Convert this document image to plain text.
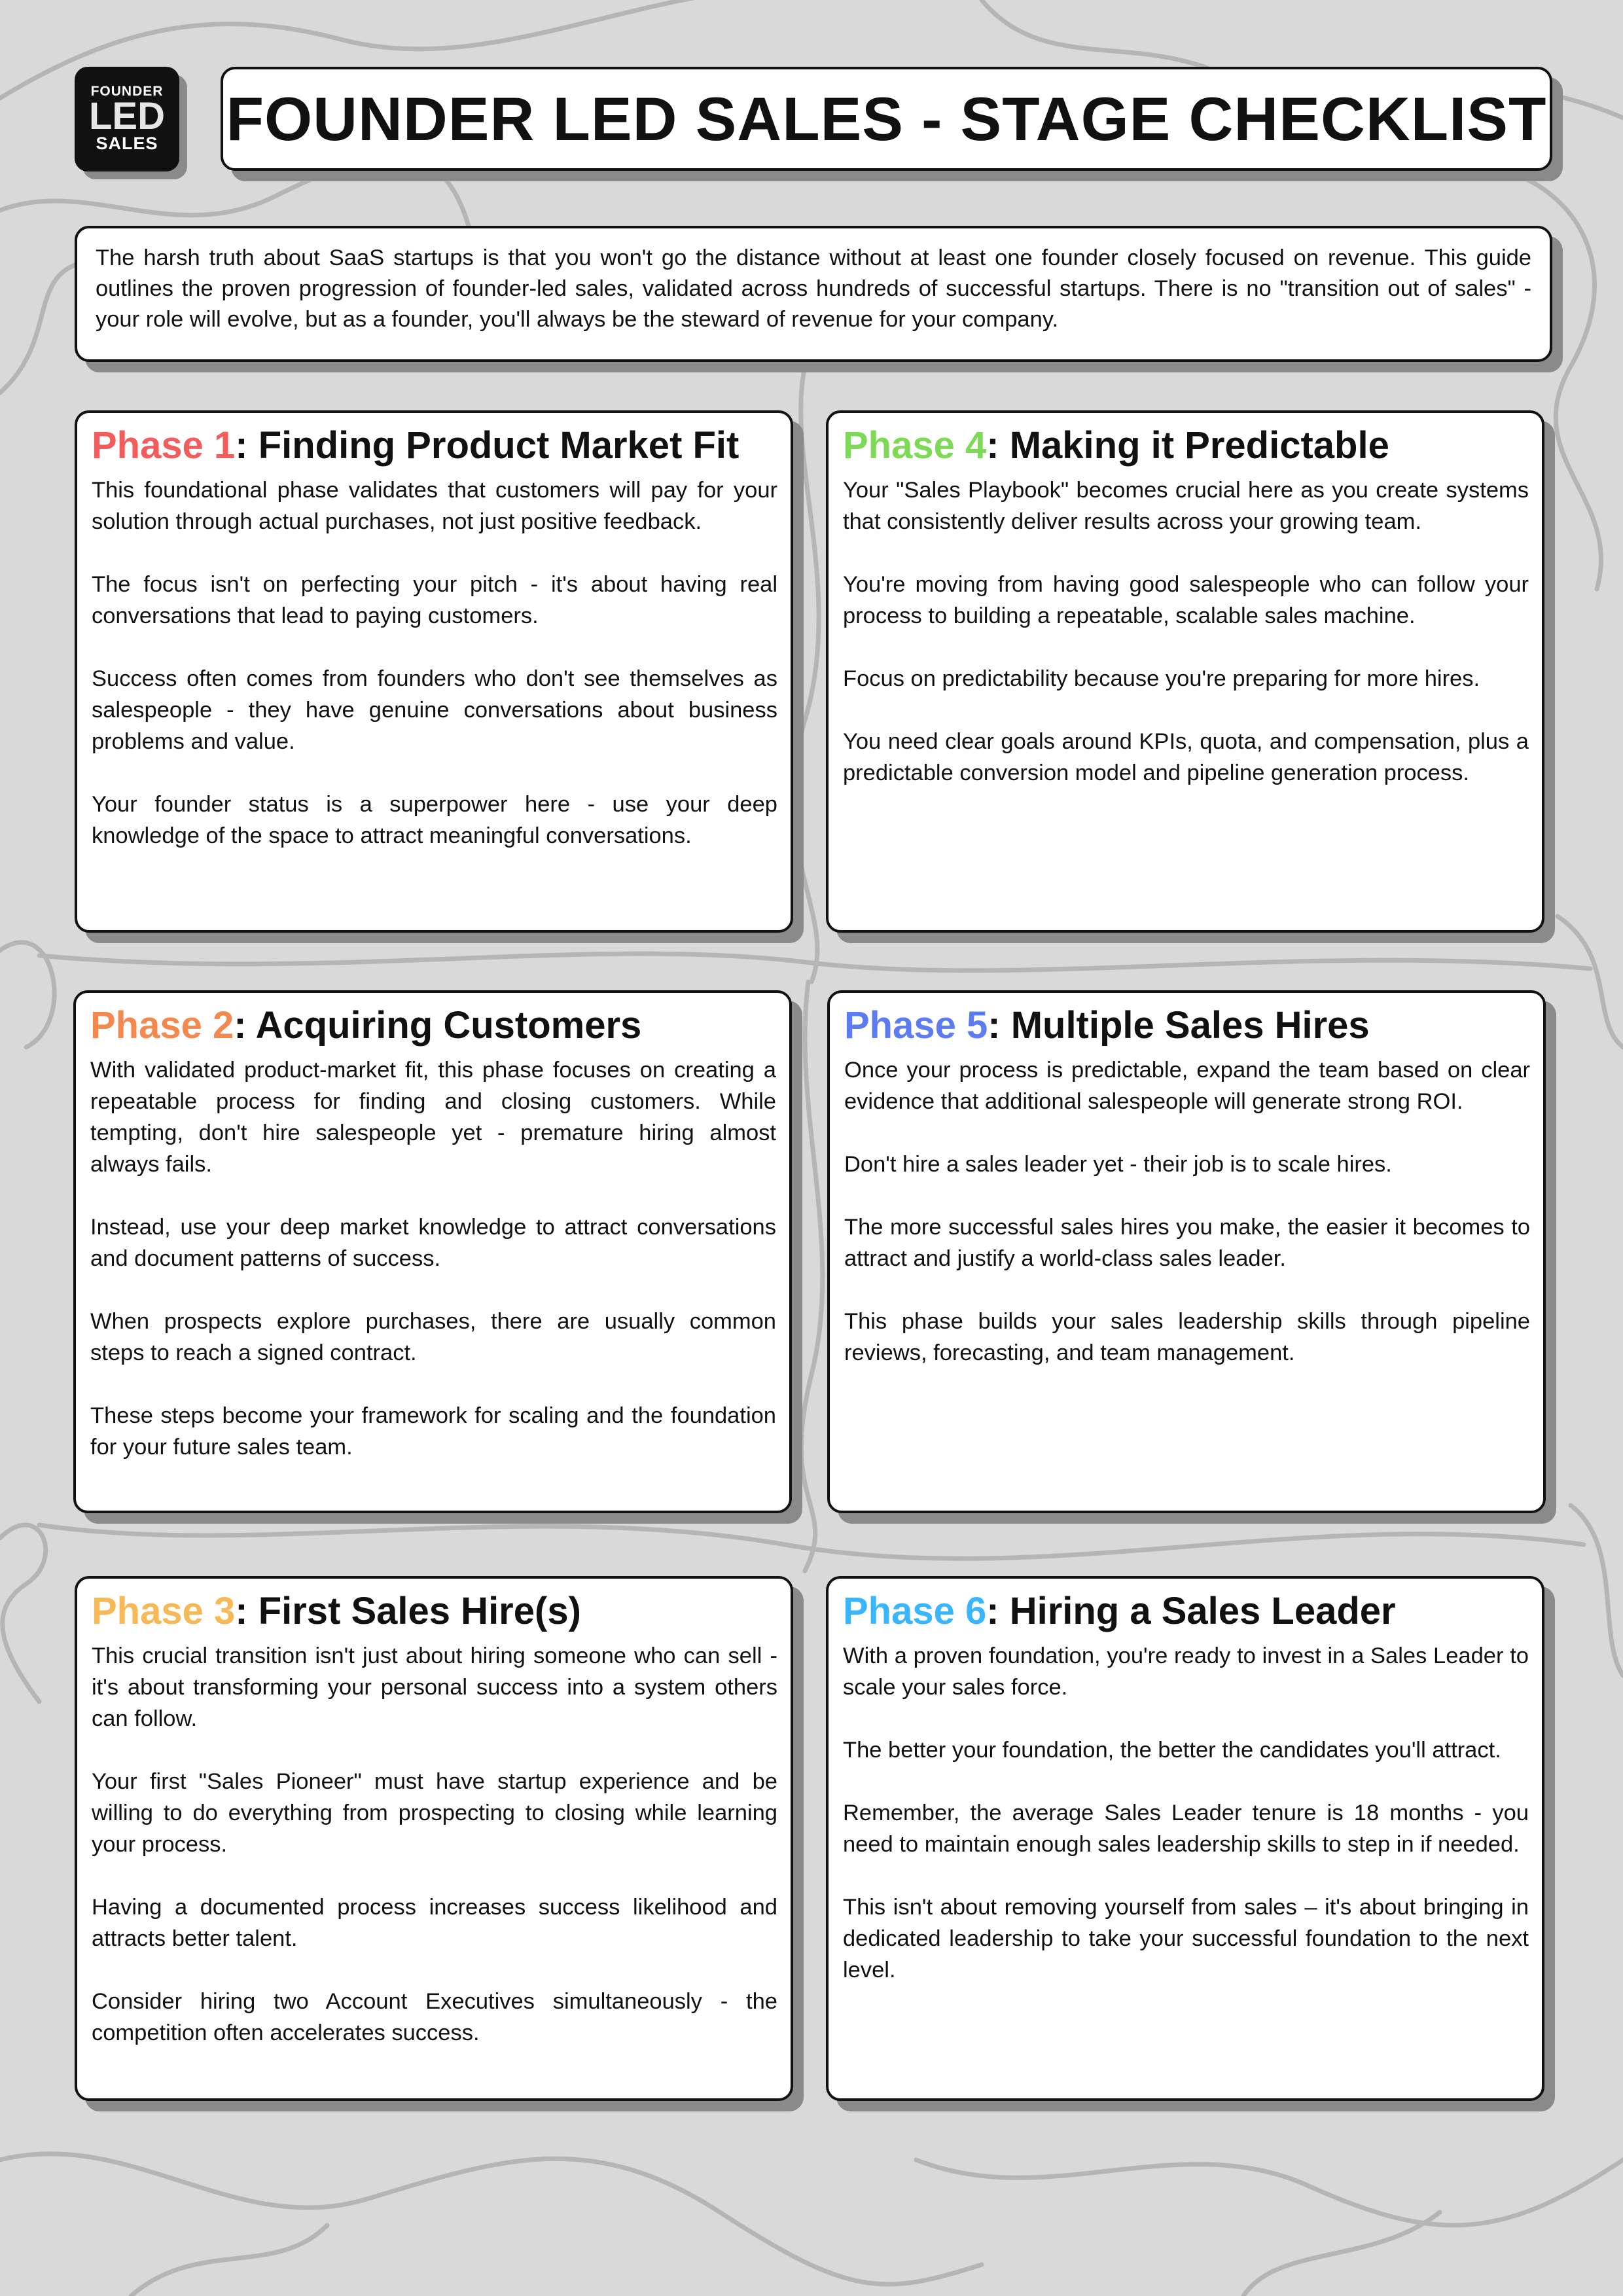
FOUNDER
LED
SALES	FOUNDER LED SALES - STAGE CHECKLIST
The harsh truth about SaaS startups is that you won't go the distance without at least one founder closely focused on revenue. This guide outlines the proven progression of founder-led sales, validated across hundreds of successful startups. There is no "transition out of sales" - your role will evolve, but as a founder, you'll always be the steward of revenue for your company.
Phase 1: Finding Product Market Fit

This foundational phase validates that customers will pay for your solution through actual purchases, not just positive feedback.

The focus isn't on perfecting your pitch - it's about having real conversations that lead to paying customers.

Success often comes from founders who don't see themselves as salespeople - they have genuine conversations about business problems and value.

Your founder status is a superpower here - use your deep knowledge of the space to attract meaningful conversations.

Phase 4: Making it Predictable

Your "Sales Playbook" becomes crucial here as you create systems that consistently deliver results across your growing team.

You're moving from having good salespeople who can follow your process to building a repeatable, scalable sales machine.

Focus on predictability because you're preparing for more hires.

You need clear goals around KPIs, quota, and compensation, plus a predictable conversion model and pipeline generation process.

Phase 2: Acquiring Customers

With validated product-market fit, this phase focuses on creating a repeatable process for finding and closing customers. While tempting, don't hire salespeople yet - premature hiring almost always fails.

Instead, use your deep market knowledge to attract conversations and document patterns of success.

When prospects explore purchases, there are usually common steps to reach a signed contract.

These steps become your framework for scaling and the foundation for your future sales team.

Phase 5: Multiple Sales Hires

Once your process is predictable, expand the team based on clear evidence that additional salespeople will generate strong ROI.

Don't hire a sales leader yet - their job is to scale hires.

The more successful sales hires you make, the easier it becomes to attract and justify a world-class sales leader.

This phase builds your sales leadership skills through pipeline reviews, forecasting, and team management.

Phase 3: First Sales Hire(s)

This crucial transition isn't just about hiring someone who can sell - it's about transforming your personal success into a system others can follow.

Your first "Sales Pioneer" must have startup experience and be willing to do everything from prospecting to closing while learning your process.

Having a documented process increases success likelihood and attracts better talent.

Consider hiring two Account Executives simultaneously - the competition often accelerates success.

Phase 6: Hiring a Sales Leader

With a proven foundation, you're ready to invest in a Sales Leader to scale your sales force.

The better your foundation, the better the candidates you'll attract.

Remember, the average Sales Leader tenure is 18 months - you need to maintain enough sales leadership skills to step in if needed.

This isn't about removing yourself from sales – it's about bringing in dedicated leadership to take your successful foundation to the next level.
